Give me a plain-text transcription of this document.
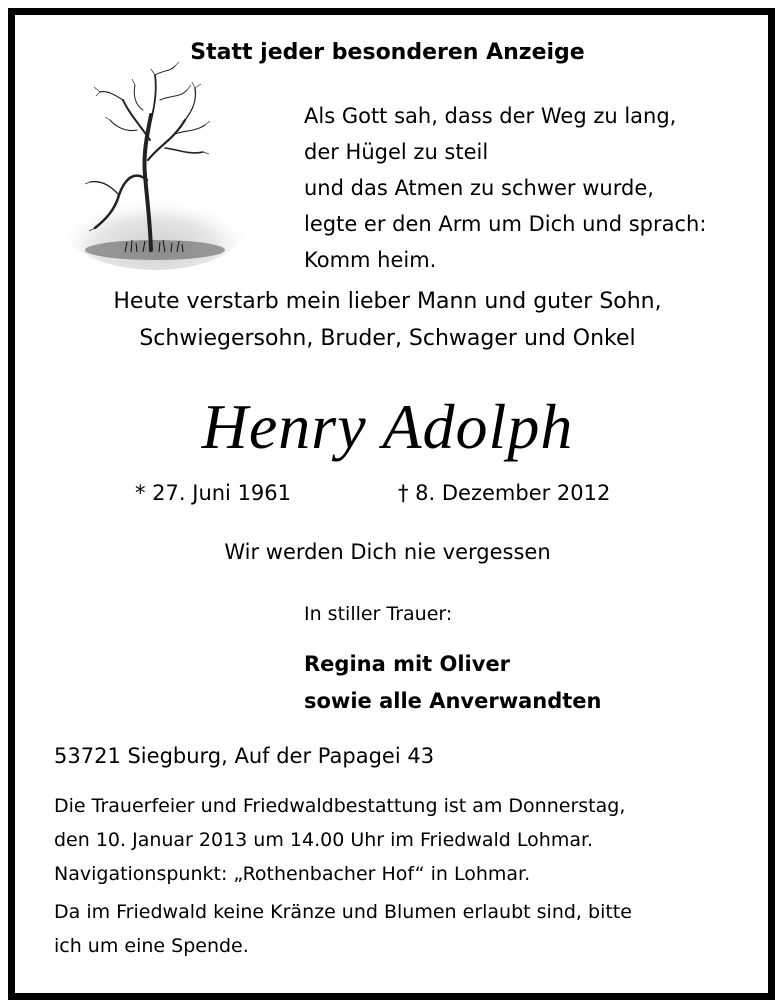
Statt jeder besonderen Anzeige
Als Gott sah, dass der Weg zu lang,
der Hügel zu steil
und das Atmen zu schwer wurde,
legte er den Arm um Dich und sprach:
Komm heim.
Heute verstarb mein lieber Mann und guter Sohn,
Schwiegersohn, Bruder, Schwager und Onkel
Henry Adolph
* 27. Juni 1961	† 8. Dezember 2012
Wir werden Dich nie vergessen
In stiller Trauer:
Regina mit Oliver
sowie alle Anverwandten
53721 Siegburg, Auf der Papagei 43
Die Trauerfeier und Friedwaldbestattung ist am Donnerstag,
den 10. Januar 2013 um 14.00 Uhr im Friedwald Lohmar.
Navigationspunkt: „Rothenbacher Hof“ in Lohmar.
Da im Friedwald keine Kränze und Blumen erlaubt sind, bitte
ich um eine Spende.
